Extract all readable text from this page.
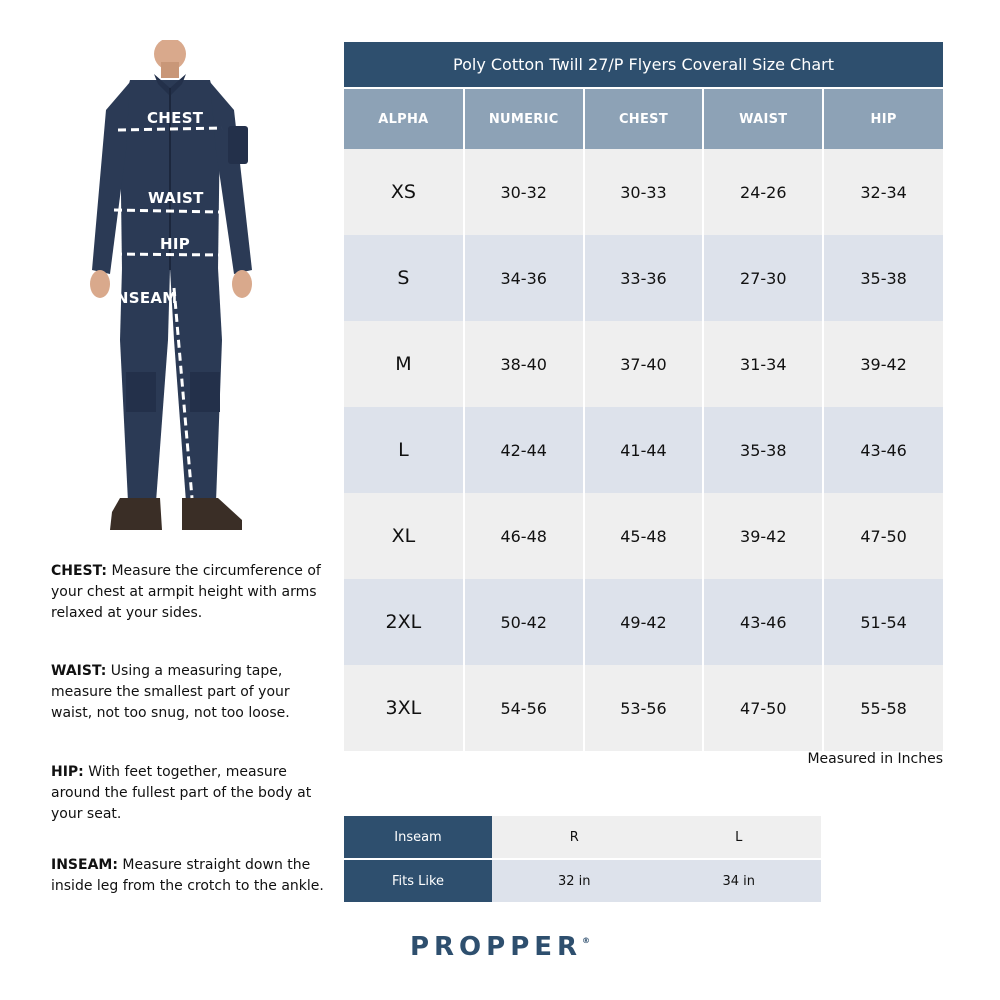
CHEST
WAIST
HIP
INSEAM
CHEST: Measure the circumference of your chest at armpit height with arms relaxed at your sides.
WAIST: Using a measuring tape, measure the smallest part of your waist, not too snug, not too loose.
HIP: With feet together, measure around the fullest part of the body at your seat.
INSEAM: Measure straight down the inside leg from the crotch to the ankle.
Poly Cotton Twill 27/P Flyers Coverall Size Chart
ALPHA	NUMERIC	CHEST	WAIST	HIP
XS	30-32	30-33	24-26	32-34
S	34-36	33-36	27-30	35-38
M	38-40	37-40	31-34	39-42
L	42-44	41-44	35-38	43-46
XL	46-48	45-48	39-42	47-50
2XL	50-42	49-42	43-46	51-54
3XL	54-56	53-56	47-50	55-58
Measured in Inches
Inseam	R	L
Fits Like	32 in	34 in
PROPPER®
